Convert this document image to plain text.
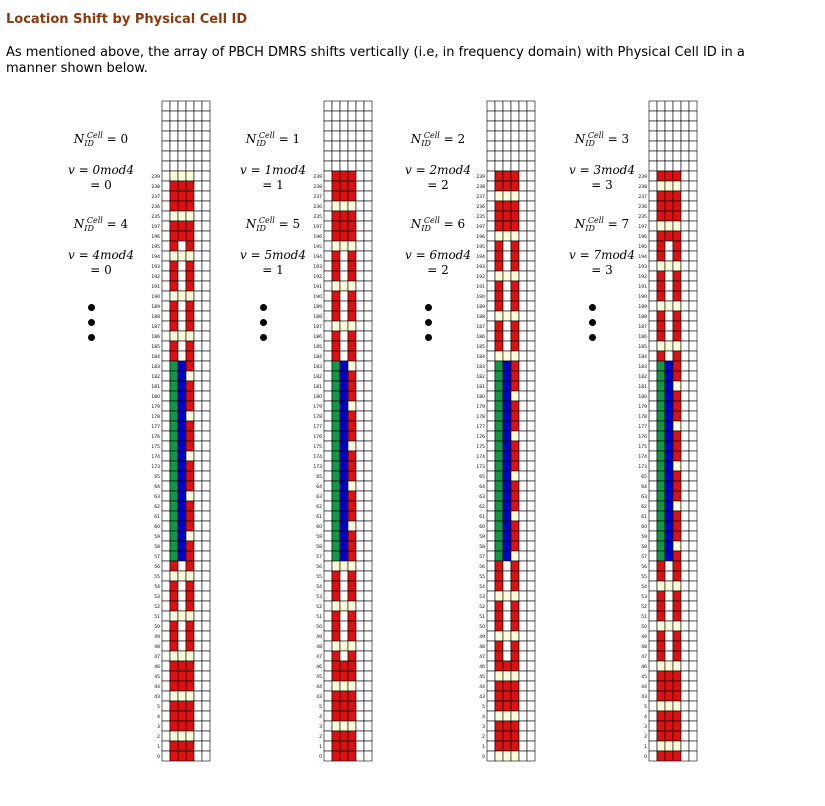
Location Shift by Physical Cell ID

As mentioned above, the array of PBCH DMRS shifts vertically (i.e, in frequency domain) with Physical Cell ID in a manner shown below.

$N_{ID}^{Cell} = 0$
v = 0mod4
= 0
$N_{ID}^{Cell} = 4$
v = 4mod4
= 0
$N_{ID}^{Cell} = 1$
v = 1mod4
= 1
$N_{ID}^{Cell} = 5$
v = 5mod4
= 1
$N_{ID}^{Cell} = 2$
v = 2mod4
= 2
$N_{ID}^{Cell} = 6$
v = 6mod4
= 2
$N_{ID}^{Cell} = 3$
v = 3mod4
= 3
$N_{ID}^{Cell} = 7$
v = 7mod4
= 3
239
238
237
236
235
197
196
195
194
193
192
191
190
189
188
187
186
185
184
183
182
181
180
179
178
177
176
175
174
173
65
64
63
62
61
60
59
58
57
56
55
54
53
52
51
50
49
48
47
46
45
44
43
5
4
3
2
1
0
239
238
237
236
235
197
196
195
194
193
192
191
190
189
188
187
186
185
184
183
182
181
180
179
178
177
176
175
174
173
65
64
63
62
61
60
59
58
57
56
55
54
53
52
51
50
49
48
47
46
45
44
43
5
4
3
2
1
0
239
238
237
236
235
197
196
195
194
193
192
191
190
189
188
187
186
185
184
183
182
181
180
179
178
177
176
175
174
173
65
64
63
62
61
60
59
58
57
56
55
54
53
52
51
50
49
48
47
46
45
44
43
5
4
3
2
1
0
239
238
237
236
235
197
196
195
194
193
192
191
190
189
188
187
186
185
184
183
182
181
180
179
178
177
176
175
174
173
65
64
63
62
61
60
59
58
57
56
55
54
53
52
51
50
49
48
47
46
45
44
43
5
4
3
2
1
0
